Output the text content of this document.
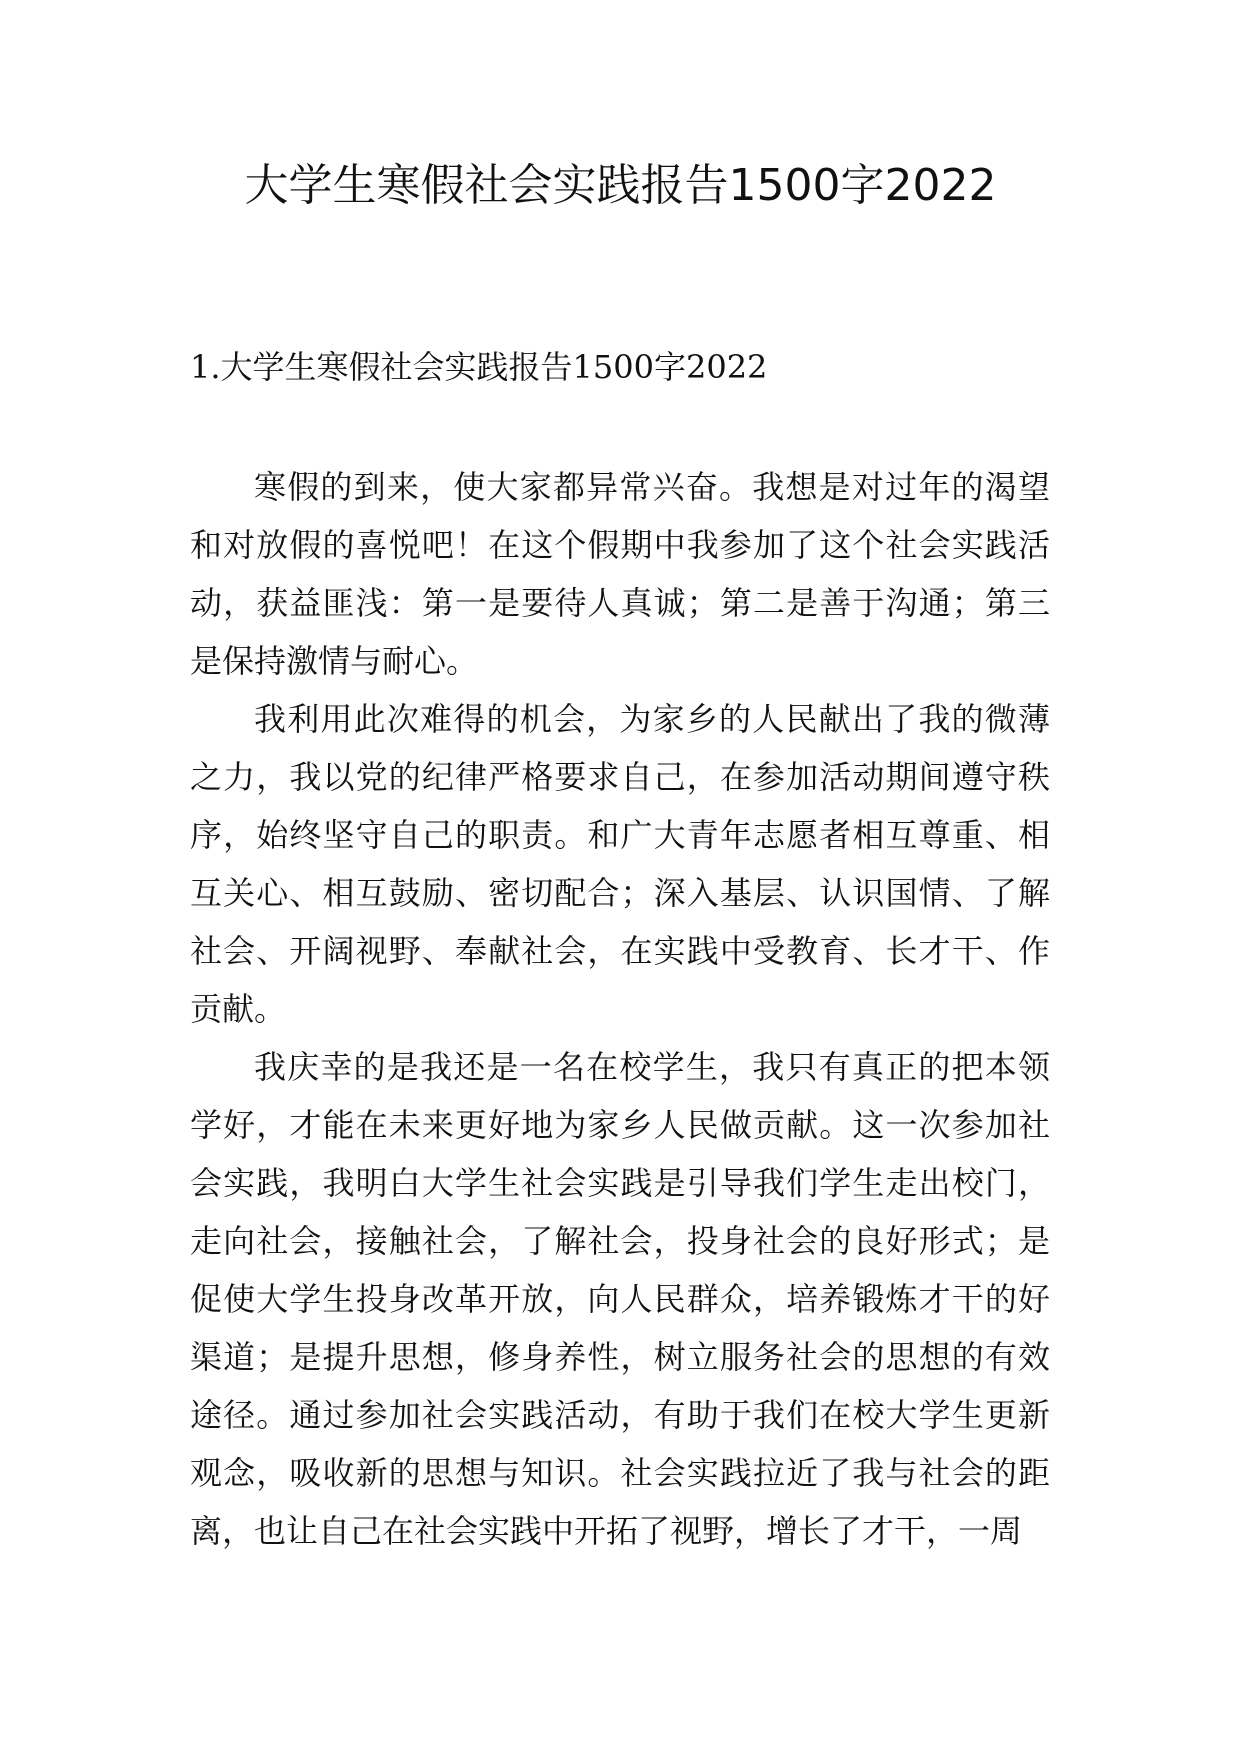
大学生寒假社会实践报告1500字2022
1.大学生寒假社会实践报告1500字2022

寒假的到来，使大家都异常兴奋。我想是对过年的渴望和对放假的喜悦吧！在这个假期中我参加了这个社会实践活动，获益匪浅：第一是要待人真诚；第二是善于沟通；第三是保持激情与耐心。

我利用此次难得的机会，为家乡的人民献出了我的微薄之力，我以党的纪律严格要求自己，在参加活动期间遵守秩序，始终坚守自己的职责。和广大青年志愿者相互尊重、相互关心、相互鼓励、密切配合；深入基层、认识国情、了解社会、开阔视野、奉献社会，在实践中受教育、长才干、作贡献。

我庆幸的是我还是一名在校学生，我只有真正的把本领学好，才能在未来更好地为家乡人民做贡献。这一次参加社会实践，我明白大学生社会实践是引导我们学生走出校门，走向社会，接触社会，了解社会，投身社会的良好形式；是促使大学生投身改革开放，向人民群众，培养锻炼才干的好渠道；是提升思想，修身养性，树立服务社会的思想的有效途径。通过参加社会实践活动，有助于我们在校大学生更新观念，吸收新的思想与知识。社会实践拉近了我与社会的距离，也让自己在社会实践中开拓了视野，增长了才干，一周
